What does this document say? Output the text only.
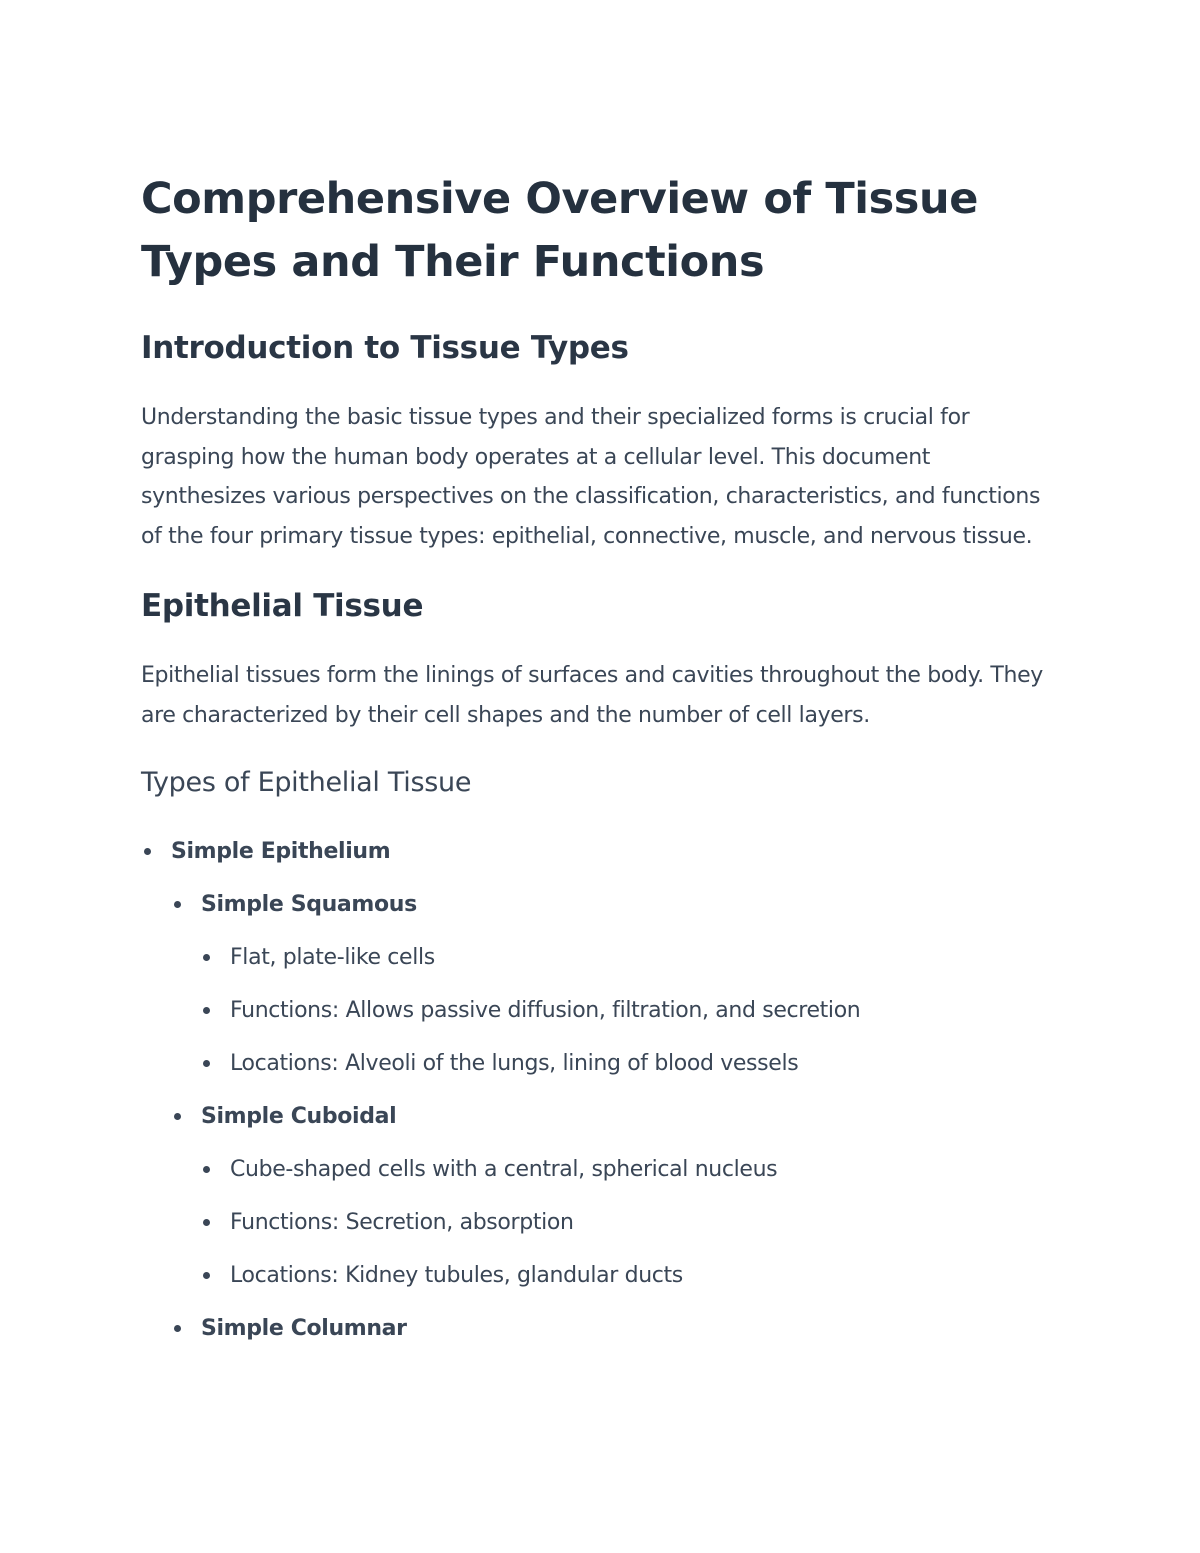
Comprehensive Overview of Tissue Types and Their Functions
Introduction to Tissue Types

Understanding the basic tissue types and their specialized forms is crucial for grasping how the human body operates at a cellular level. This document synthesizes various perspectives on the classification, characteristics, and functions of the four primary tissue types: epithelial, connective, muscle, and nervous tissue.

Epithelial Tissue

Epithelial tissues form the linings of surfaces and cavities throughout the body. They are characterized by their cell shapes and the number of cell layers.

Types of Epithelial Tissue
Simple Epithelium
Simple Squamous
Flat, plate-like cells
Functions: Allows passive diffusion, filtration, and secretion
Locations: Alveoli of the lungs, lining of blood vessels
Simple Cuboidal
Cube-shaped cells with a central, spherical nucleus
Functions: Secretion, absorption
Locations: Kidney tubules, glandular ducts
Simple Columnar
